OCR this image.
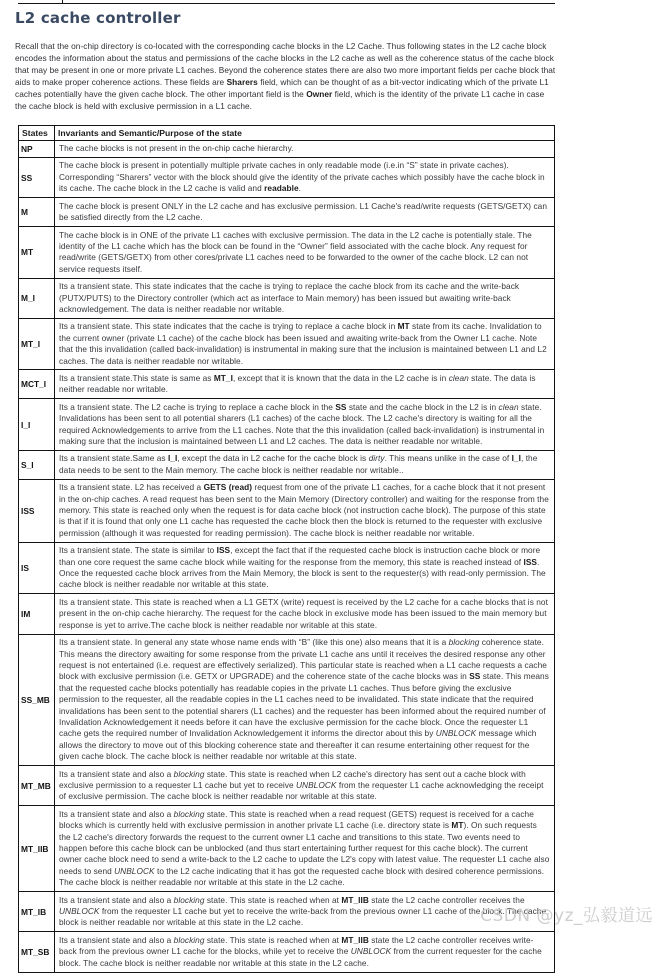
L2 cache controller

Recall that the on-chip directory is co-located with the corresponding cache blocks in the L2 Cache. Thus following states in the L2 cache block encodes the information about the status and permissions of the cache blocks in the L2 cache as well as the coherence status of the cache block that may be present in one or more private L1 caches. Beyond the coherence states there are also two more important fields per cache block that aids to make proper coherence actions. These fields are Sharers field, which can be thought of as a bit-vector indicating which of the private L1 caches potentially have the given cache block. The other important field is the Owner field, which is the identity of the private L1 cache in case the cache block is held with exclusive permission in a L1 cache.

States	Invariants and Semantic/Purpose of the state
NP	The cache blocks is not present in the on-chip cache hierarchy.
SS	The cache block is present in potentially multiple private caches in only readable mode (i.e.in “S” state in private caches). Corresponding “Sharers” vector with the block should give the identity of the private caches which possibly have the cache block in its cache. The cache block in the L2 cache is valid and readable.
M	The cache block is present ONLY in the L2 cache and has exclusive permission. L1 Cache's read/write requests (GETS/GETX) can be satisfied directly from the L2 cache.
MT	The cache block is in ONE of the private L1 caches with exclusive permission. The data in the L2 cache is potentially stale. The identity of the L1 cache which has the block can be found in the “Owner” field associated with the cache block. Any request for read/write (GETS/GETX) from other cores/private L1 caches need to be forwarded to the owner of the cache block. L2 can not service requests itself.
M_I	Its a transient state. This state indicates that the cache is trying to replace the cache block from its cache and the write-back (PUTX/PUTS) to the Directory controller (which act as interface to Main memory) has been issued but awaiting write-back acknowledgement. The data is neither readable nor writable.
MT_I	Its a transient state. This state indicates that the cache is trying to replace a cache block in MT state from its cache. Invalidation to the current owner (private L1 cache) of the cache block has been issued and awaiting write-back from the Owner L1 cache. Note that the this invalidation (called back-invalidation) is instrumental in making sure that the inclusion is maintained between L1 and L2 caches. The data is neither readable nor writable.
MCT_I	Its a transient state.This state is same as MT_I, except that it is known that the data in the L2 cache is in clean state. The data is neither readable nor writable.
I_I	Its a transient state. The L2 cache is trying to replace a cache block in the SS state and the cache block in the L2 is in clean state. Invalidations has been sent to all potential sharers (L1 caches) of the cache block. The L2 cache's directory is waiting for all the required Acknowledgements to arrive from the L1 caches. Note that the this invalidation (called back-invalidation) is instrumental in making sure that the inclusion is maintained between L1 and L2 caches. The data is neither readable nor writable.
S_I	Its a transient state.Same as I_I, except the data in L2 cache for the cache block is dirty. This means unlike in the case of I_I, the data needs to be sent to the Main memory. The cache block is neither readable nor writable..
ISS	Its a transient state. L2 has received a GETS (read) request from one of the private L1 caches, for a cache block that it not present in the on-chip caches. A read request has been sent to the Main Memory (Directory controller) and waiting for the response from the memory. This state is reached only when the request is for data cache block (not instruction cache block). The purpose of this state is that if it is found that only one L1 cache has requested the cache block then the block is returned to the requester with exclusive permission (although it was requested for reading permission). The cache block is neither readable nor writable.
IS	Its a transient state. The state is similar to ISS, except the fact that if the requested cache block is instruction cache block or more than one core request the same cache block while waiting for the response from the memory, this state is reached instead of ISS. Once the requested cache block arrives from the Main Memory, the block is sent to the requester(s) with read-only permission. The cache block is neither readable nor writable at this state.
IM	Its a transient state. This state is reached when a L1 GETX (write) request is received by the L2 cache for a cache blocks that is not present in the on-chip cache hierarchy. The request for the cache block in exclusive mode has been issued to the main memory but response is yet to arrive.The cache block is neither readable nor writable at this state.
SS_MB	Its a transient state. In general any state whose name ends with “B” (like this one) also means that it is a blocking coherence state. This means the directory awaiting for some response from the private L1 cache ans until it receives the desired response any other request is not entertained (i.e. request are effectively serialized). This particular state is reached when a L1 cache requests a cache block with exclusive permission (i.e. GETX or UPGRADE) and the coherence state of the cache blocks was in SS state. This means that the requested cache blocks potentially has readable copies in the private L1 caches. Thus before giving the exclusive permission to the requester, all the readable copies in the L1 caches need to be invalidated. This state indicate that the required invalidations has been sent to the potential sharers (L1 caches) and the requester has been informed about the required number of Invalidation Acknowledgement it needs before it can have the exclusive permission for the cache block. Once the requester L1 cache gets the required number of Invalidation Acknowledgement it informs the director about this by UNBLOCK message which allows the directory to move out of this blocking coherence state and thereafter it can resume entertaining other request for the given cache block. The cache block is neither readable nor writable at this state.
MT_MB	Its a transient state and also a blocking state. This state is reached when L2 cache's directory has sent out a cache block with exclusive permission to a requester L1 cache but yet to receive UNBLOCK from the requester L1 cache acknowledging the receipt of exclusive permission. The cache block is neither readable nor writable at this state.
MT_IIB	Its a transient state and also a blocking state. This state is reached when a read request (GETS) request is received for a cache blocks which is currently held with exclusive permission in another private L1 cache (i.e. directory state is MT). On such requests the L2 cache's directory forwards the request to the current owner L1 cache and transitions to this state. Two events need to happen before this cache block can be unblocked (and thus start entertaining further request for this cache block). The current owner cache block need to send a write-back to the L2 cache to update the L2's copy with latest value. The requester L1 cache also needs to send UNBLOCK to the L2 cache indicating that it has got the requested cache block with desired coherence permissions. The cache block is neither readable nor writable at this state in the L2 cache.
MT_IB	Its a transient state and also a blocking state. This state is reached when at MT_IIB state the L2 cache controller receives the UNBLOCK from the requester L1 cache but yet to receive the write-back from the previous owner L1 cache of the block. The cache block is neither readable nor writable at this state in the L2 cache.
MT_SB	Its a transient state and also a blocking state. This state is reached when at MT_IIB state the L2 cache controller receives write-back from the previous owner L1 cache for the blocks, while yet to receive the UNBLOCK from the current requester for the cache block. The cache block is neither readable nor writable at this state in the L2 cache.
CSDN @yz_弘毅道远
